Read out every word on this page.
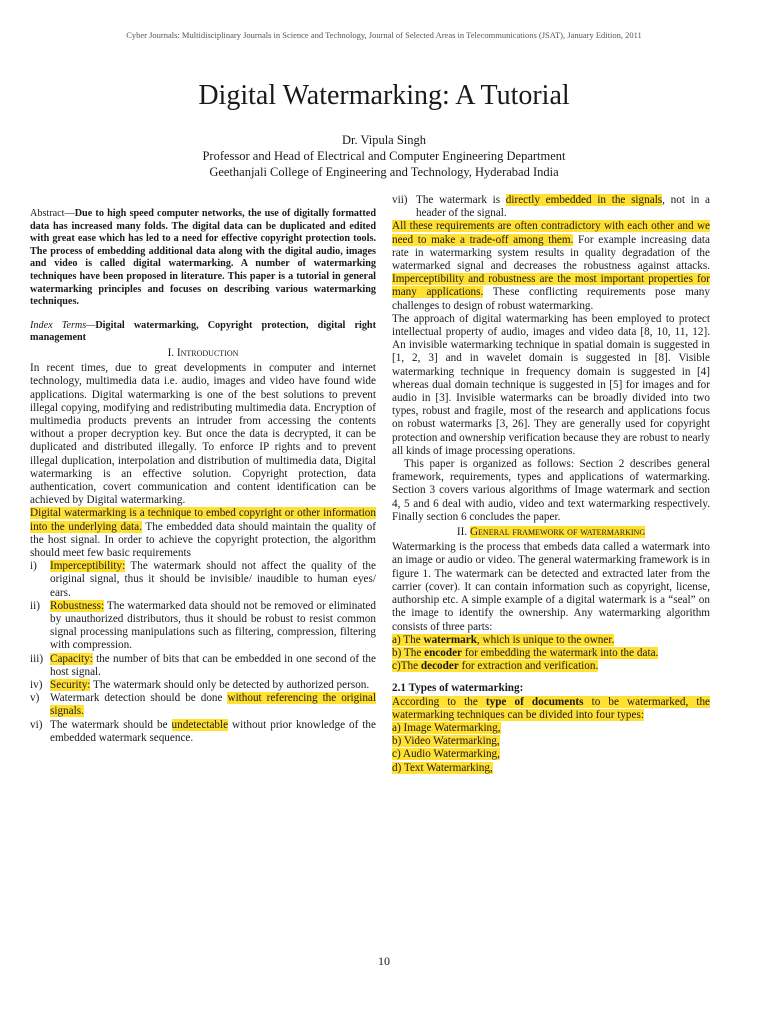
Cyber Journals: Multidisciplinary Journals in Science and Technology, Journal of Selected Areas in Telecommunications (JSAT), January Edition, 2011
Digital Watermarking: A Tutorial
Dr. Vipula Singh
Professor and Head of Electrical and Computer Engineering Department
Geethanjali College of Engineering and Technology, Hyderabad India

Abstract—Due to high speed computer networks, the use of digitally formatted data has increased many folds. The digital data can be duplicated and edited with great ease which has led to a need for effective copyright protection tools. The process of embedding additional data along with the digital audio, images and video is called digital watermarking. A number of watermarking techniques have been proposed in literature. This paper is a tutorial in general watermarking principles and focuses on describing various watermarking techniques.

Index Terms—Digital watermarking, Copyright protection, digital right management

I. Introduction

In recent times, due to great developments in computer and internet technology, multimedia data i.e. audio, images and video have found wide applications. Digital watermarking is one of the best solutions to prevent illegal copying, modifying and redistributing multimedia data. Encryption of multimedia products prevents an intruder from accessing the contents without a proper decryption key. But once the data is decrypted, it can be duplicated and distributed illegally. To enforce IP rights and to prevent illegal duplication, interpolation and distribution of multimedia data, Digital watermarking is an effective solution. Copyright protection, data authentication, covert communication and content identification can be achieved by Digital watermarking.

Digital watermarking is a technique to embed copyright or other information into the underlying data. The embedded data should maintain the quality of the host signal. In order to achieve the copyright protection, the algorithm should meet few basic requirements

i)	Imperceptibility: The watermark should not affect the quality of the original signal, thus it should be invisible/ inaudible to human eyes/ ears.
ii) Robustness: The watermarked data should not be removed or eliminated by unauthorized distributors, thus it should be robust to resist common signal processing manipulations such as filtering, compression, filtering with compression.
iii) Capacity: the number of bits that can be embedded in one second of the host signal.
iv) Security: The watermark should only be detected by authorized person.
v) Watermark detection should be done without referencing the original signals.
vi) The watermark should be undetectable without prior knowledge of the embedded watermark sequence.
vii) The watermark is directly embedded in the signals, not in a header of the signal.

All these requirements are often contradictory with each other and we need to make a trade-off among them. For example increasing data rate in watermarking system results in quality degradation of the watermarked signal and decreases the robustness against attacks. Imperceptibility and robustness are the most important properties for many applications. These conflicting requirements pose many challenges to design of robust watermarking.

The approach of digital watermarking has been employed to protect intellectual property of audio, images and video data [8, 10, 11, 12]. An invisible watermarking technique in spatial domain is suggested in [1, 2, 3] and in wavelet domain is suggested in [8]. Visible watermarking technique in frequency domain is suggested in [4] whereas dual domain technique is suggested in [5] for images and for audio in [3]. Invisible watermarks can be broadly divided into two types, robust and fragile, most of the research and applications focus on robust watermarks [3, 26]. They are generally used for copyright protection and ownership verification because they are robust to nearly all kinds of image processing operations.

This paper is organized as follows: Section 2 describes general framework, requirements, types and applications of watermarking. Section 3 covers various algorithms of Image watermark and section 4, 5 and 6 deal with audio, video and text watermarking respectively. Finally section 6 concludes the paper.

II. General framework of watermarking

Watermarking is the process that embeds data called a watermark into an image or audio or video. The general watermarking framework is in figure 1. The watermark can be detected and extracted later from the carrier (cover). It can contain information such as copyright, license, authorship etc. A simple example of a digital watermark is a “seal” on the image to identify the ownership. Any watermarking algorithm consists of three parts:

a) The watermark, which is unique to the owner.

b) The encoder for embedding the watermark into the data.

c)The decoder for extraction and verification.

2.1 Types of watermarking:

According to the type of documents to be watermarked, the watermarking techniques can be divided into four types:

a) Image Watermarking,

b) Video Watermarking,

c) Audio Watermarking,

d) Text Watermarking,

10
